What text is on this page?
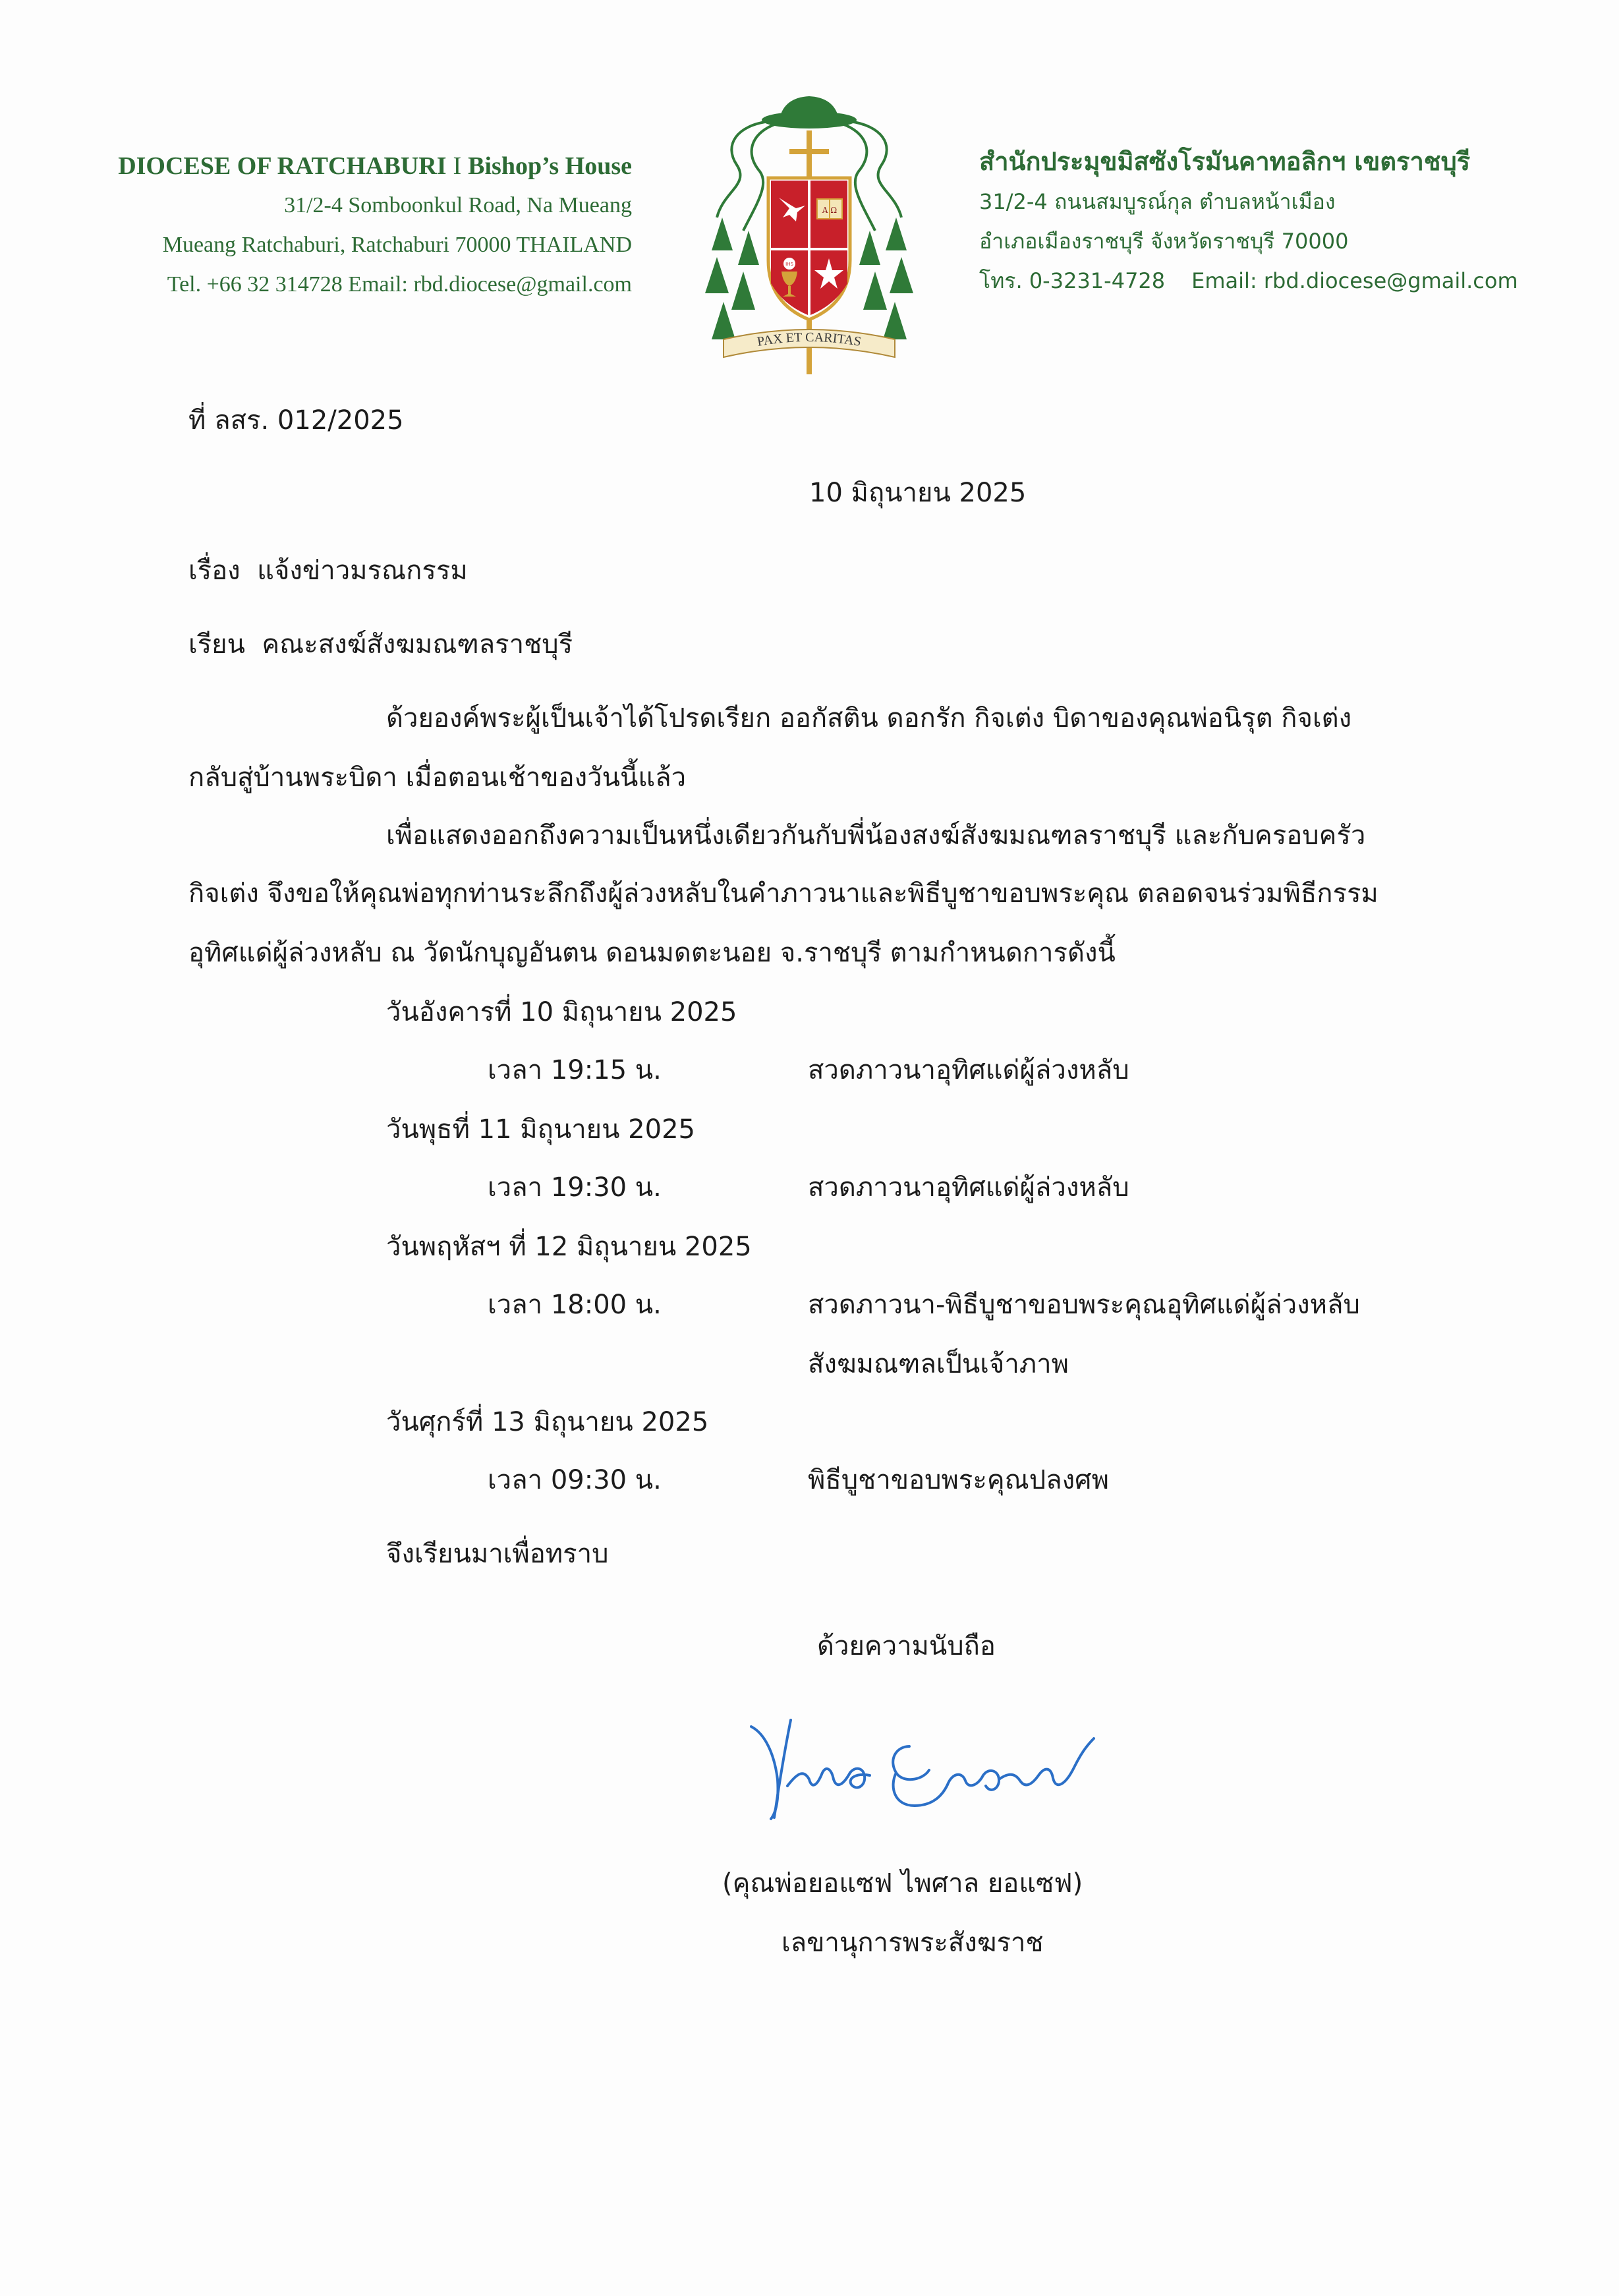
DIOCESE OF RATCHABURI I Bishop’s House
31/2-4 Somboonkul Road, Na Mueang
Mueang Ratchaburi, Ratchaburi 70000 THAILAND
Tel. +66 32 314728 Email: rbd.diocese@gmail.com
A Ω
IHS
PAX ET CARITAS
สำนักประมุขมิสซังโรมันคาทอลิกฯ เขตราชบุรี
31/2-4 ถนนสมบูรณ์กุล ตำบลหน้าเมือง
อำเภอเมืองราชบุรี จังหวัดราชบุรี 70000
โทร. 0-3231-4728 Email: rbd.diocese@gmail.com
ที่ ลสร. 012/2025
10 มิถุนายน 2025
เรื่อง แจ้งข่าวมรณกรรม
เรียน คณะสงฆ์สังฆมณฑลราชบุรี
ด้วยองค์พระผู้เป็นเจ้าได้โปรดเรียก ออกัสติน ดอกรัก กิจเต่ง บิดาของคุณพ่อนิรุต กิจเต่ง
กลับสู่บ้านพระบิดา เมื่อตอนเช้าของวันนี้แล้ว
เพื่อแสดงออกถึงความเป็นหนึ่งเดียวกันกับพี่น้องสงฆ์สังฆมณฑลราชบุรี และกับครอบครัว
กิจเต่ง จึงขอให้คุณพ่อทุกท่านระลึกถึงผู้ล่วงหลับในคำภาวนาและพิธีบูชาขอบพระคุณ ตลอดจนร่วมพิธีกรรม
อุทิศแด่ผู้ล่วงหลับ ณ วัดนักบุญอันตน ดอนมดตะนอย จ.ราชบุรี ตามกำหนดการดังนี้
วันอังคารที่ 10 มิถุนายน 2025
เวลา 19:15 น.	สวดภาวนาอุทิศแด่ผู้ล่วงหลับ
วันพุธที่ 11 มิถุนายน 2025
เวลา 19:30 น.	สวดภาวนาอุทิศแด่ผู้ล่วงหลับ
วันพฤหัสฯ ที่ 12 มิถุนายน 2025
เวลา 18:00 น.	สวดภาวนา-พิธีบูชาขอบพระคุณอุทิศแด่ผู้ล่วงหลับ
สังฆมณฑลเป็นเจ้าภาพ
วันศุกร์ที่ 13 มิถุนายน 2025
เวลา 09:30 น.	พิธีบูชาขอบพระคุณปลงศพ
จึงเรียนมาเพื่อทราบ
ด้วยความนับถือ
(คุณพ่อยอแซฟ ไพศาล ยอแซฟ)
เลขานุการพระสังฆราช
